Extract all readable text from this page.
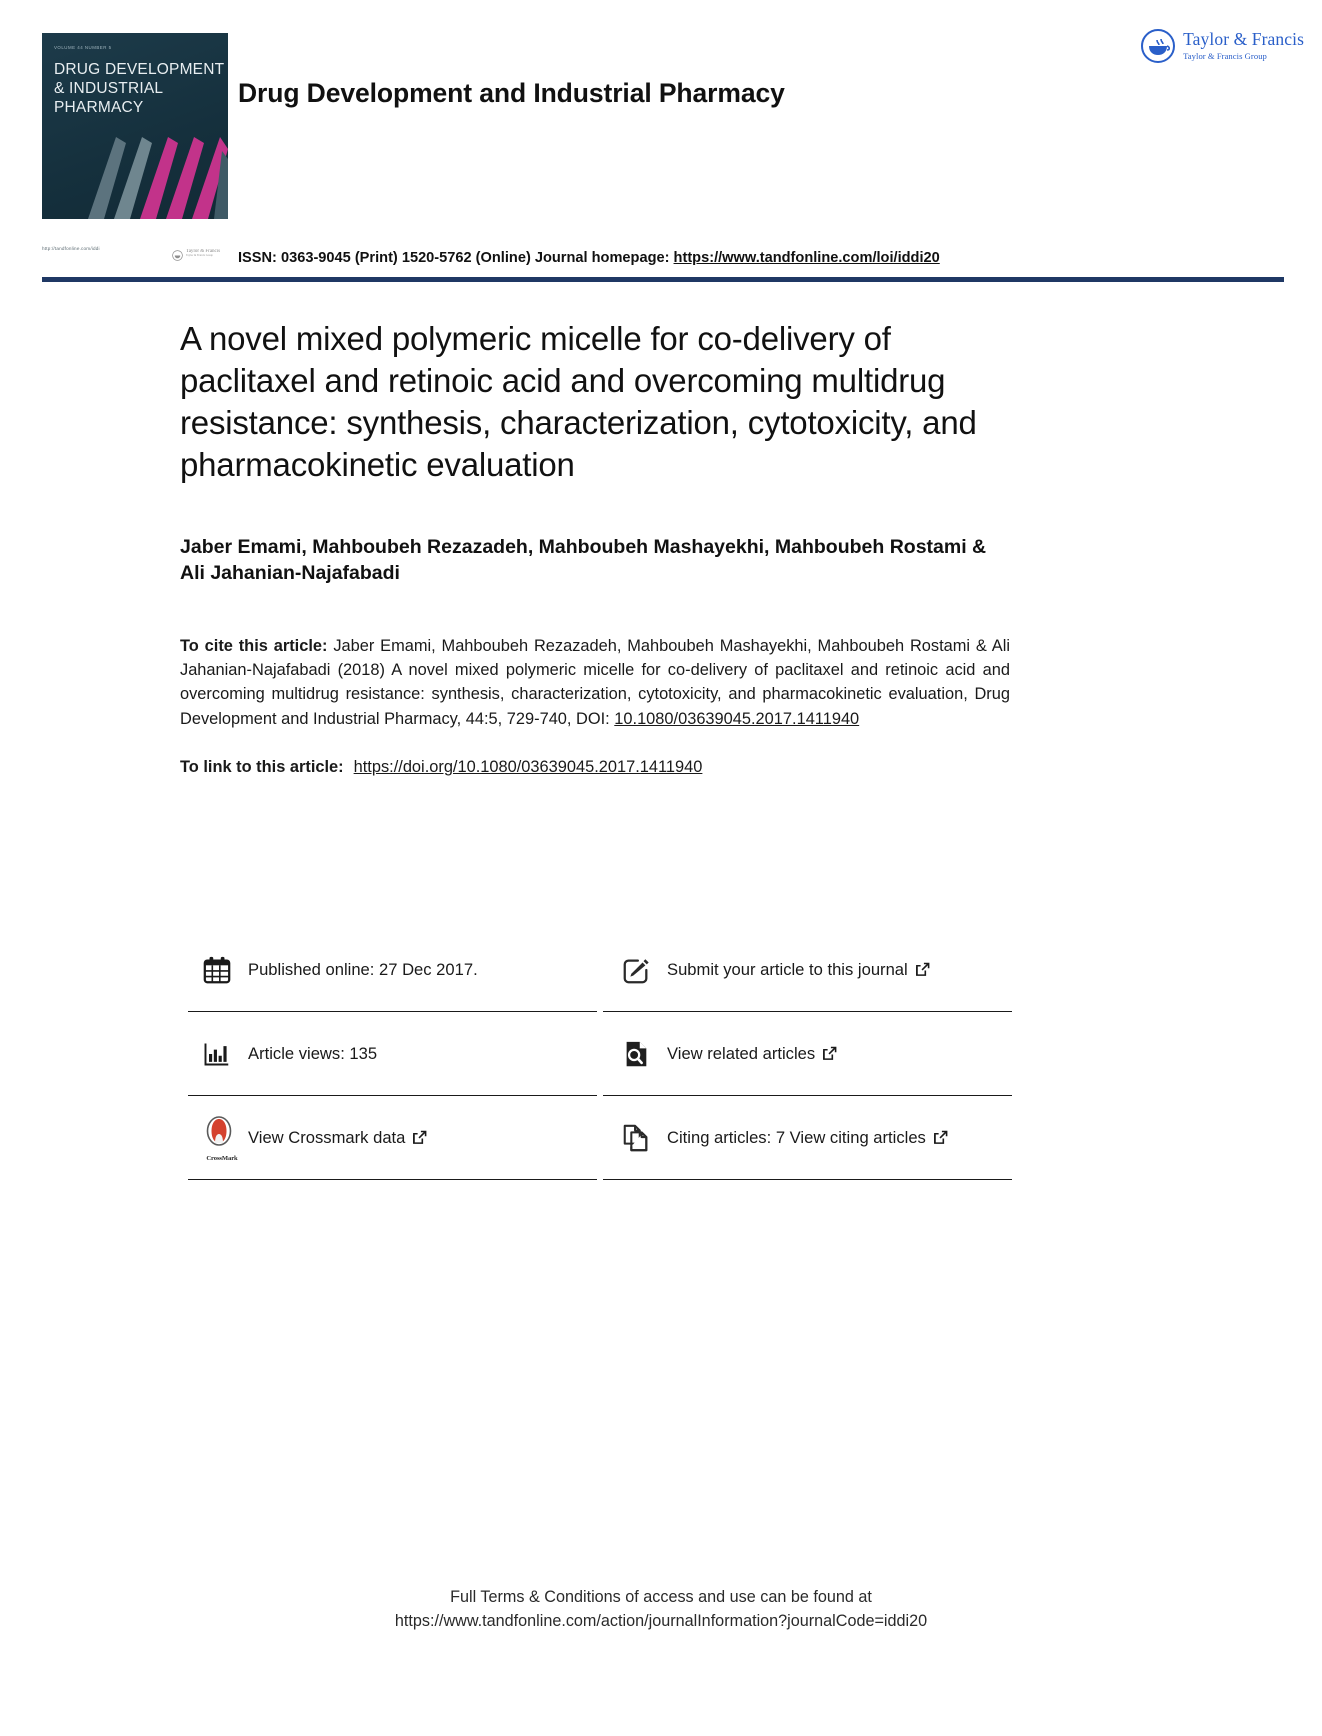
VOLUME 44 NUMBER 5
DRUG DEVELOPMENT
& INDUSTRIAL
PHARMACY	Drug Development and Industrial Pharmacy
Taylor & Francis
Taylor & Francis Group
http://tandfonline.com/iddi
Taylor & Francis
Taylor & Francis Group	ISSN: 0363-9045 (Print) 1520-5762 (Online) Journal homepage: https://www.tandfonline.com/loi/iddi20
A novel mixed polymeric micelle for co-delivery of paclitaxel and retinoic acid and overcoming multidrug resistance: synthesis, characterization, cytotoxicity, and pharmacokinetic evaluation
Jaber Emami, Mahboubeh Rezazadeh, Mahboubeh Mashayekhi, Mahboubeh Rostami & Ali Jahanian-Najafabadi
To cite this article: Jaber Emami, Mahboubeh Rezazadeh, Mahboubeh Mashayekhi, Mahboubeh Rostami & Ali Jahanian-Najafabadi (2018) A novel mixed polymeric micelle for co-delivery of paclitaxel and retinoic acid and overcoming multidrug resistance: synthesis, characterization, cytotoxicity, and pharmacokinetic evaluation, Drug Development and Industrial Pharmacy, 44:5, 729-740, DOI: 10.1080/03639045.2017.1411940
To link to this article: https://doi.org/10.1080/03639045.2017.1411940
Published online: 27 Dec 2017.	Submit your article to this journal
Article views: 135	View related articles
CrossMark
View Crossmark data	Citing articles: 7 View citing articles
Full Terms & Conditions of access and use can be found at
https://www.tandfonline.com/action/journalInformation?journalCode=iddi20
